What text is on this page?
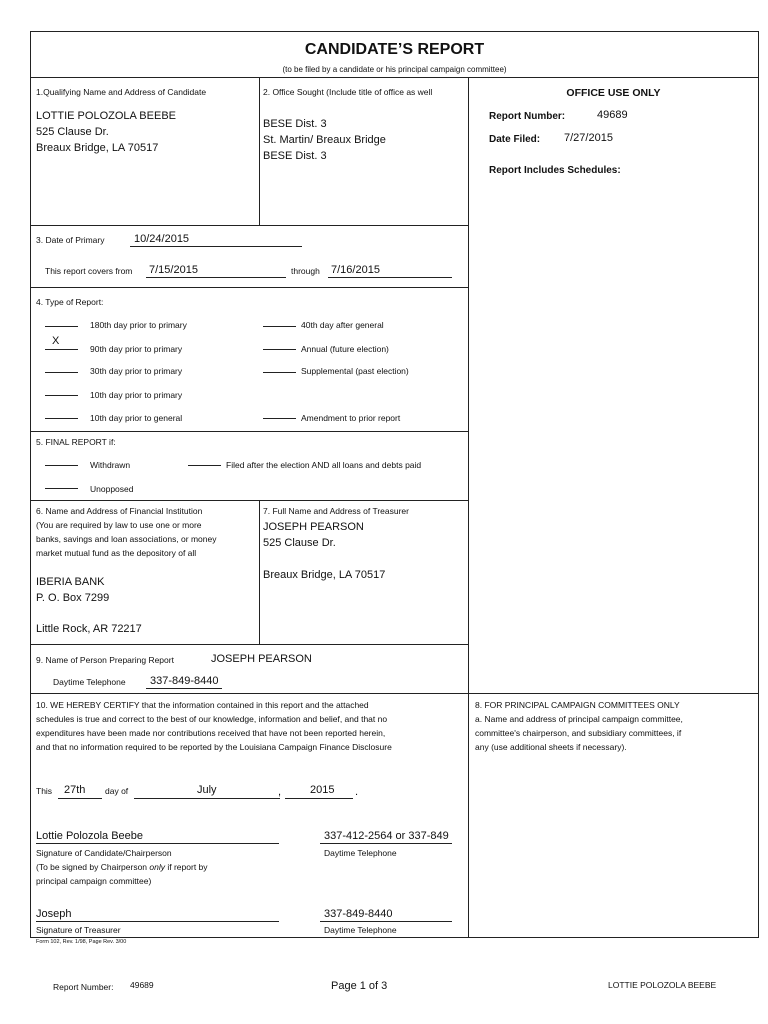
CANDIDATE’S REPORT
(to be filed by a candidate or his principal campaign committee)
1.Qualifying Name and Address of Candidate
LOTTIE POLOZOLA BEEBE
525 Clause Dr.
Breaux Bridge, LA 70517
2. Office Sought (Include title of office as well
BESE Dist. 3
St. Martin/ Breaux Bridge
BESE Dist. 3
OFFICE USE ONLY
Report Number:	49689
Date Filed: 7/27/2015
Report Includes Schedules:
3. Date of Primary	10/24/2015
This report covers from 7/15/2015	through 7/16/2015
4. Type of Report:
180th day prior to primary
X
90th day prior to primary
30th day prior to primary
10th day prior to primary
10th day prior to general
40th day after general
Annual (future election)
Supplemental (past election)
Amendment to prior report
5. FINAL REPORT if:
Withdrawn	Filed after the election AND all loans and debts paid
Unopposed
6. Name and Address of Financial Institution
(You are required by law to use one or more
banks, savings and loan associations, or money
market mutual fund as the depository of all
IBERIA BANK
P. O. Box 7299
Little Rock, AR 72217
7. Full Name and Address of Treasurer
JOSEPH PEARSON
525 Clause Dr.
Breaux Bridge, LA 70517
9. Name of Person Preparing Report	JOSEPH PEARSON
Daytime Telephone 337-849-8440
10. WE HEREBY CERTIFY that the information contained in this report and the attached
schedules is true and correct to the best of our knowledge, information and belief, and that no
expenditures have been made nor contributions received that have not been reported herein,
and that no information required to be reported by the Louisiana Campaign Finance Disclosure
This 27th day of	July	,	2015 .
Lottie Polozola Beebe
Signature of Candidate/Chairperson
(To be signed by Chairperson only if report by
principal campaign committee)
337-412-2564 or 337-849
Daytime Telephone
Joseph
Signature of Treasurer
337-849-8440
Daytime Telephone
8. FOR PRINCIPAL CAMPAIGN COMMITTEES ONLY
a. Name and address of principal campaign committee,
committee's chairperson, and subsidiary committees, if
any (use additional sheets if necessary).
Form 102, Rev. 1/98, Page Rev. 3/00
Report Number: 49689	Page 1 of 3	LOTTIE POLOZOLA BEEBE
